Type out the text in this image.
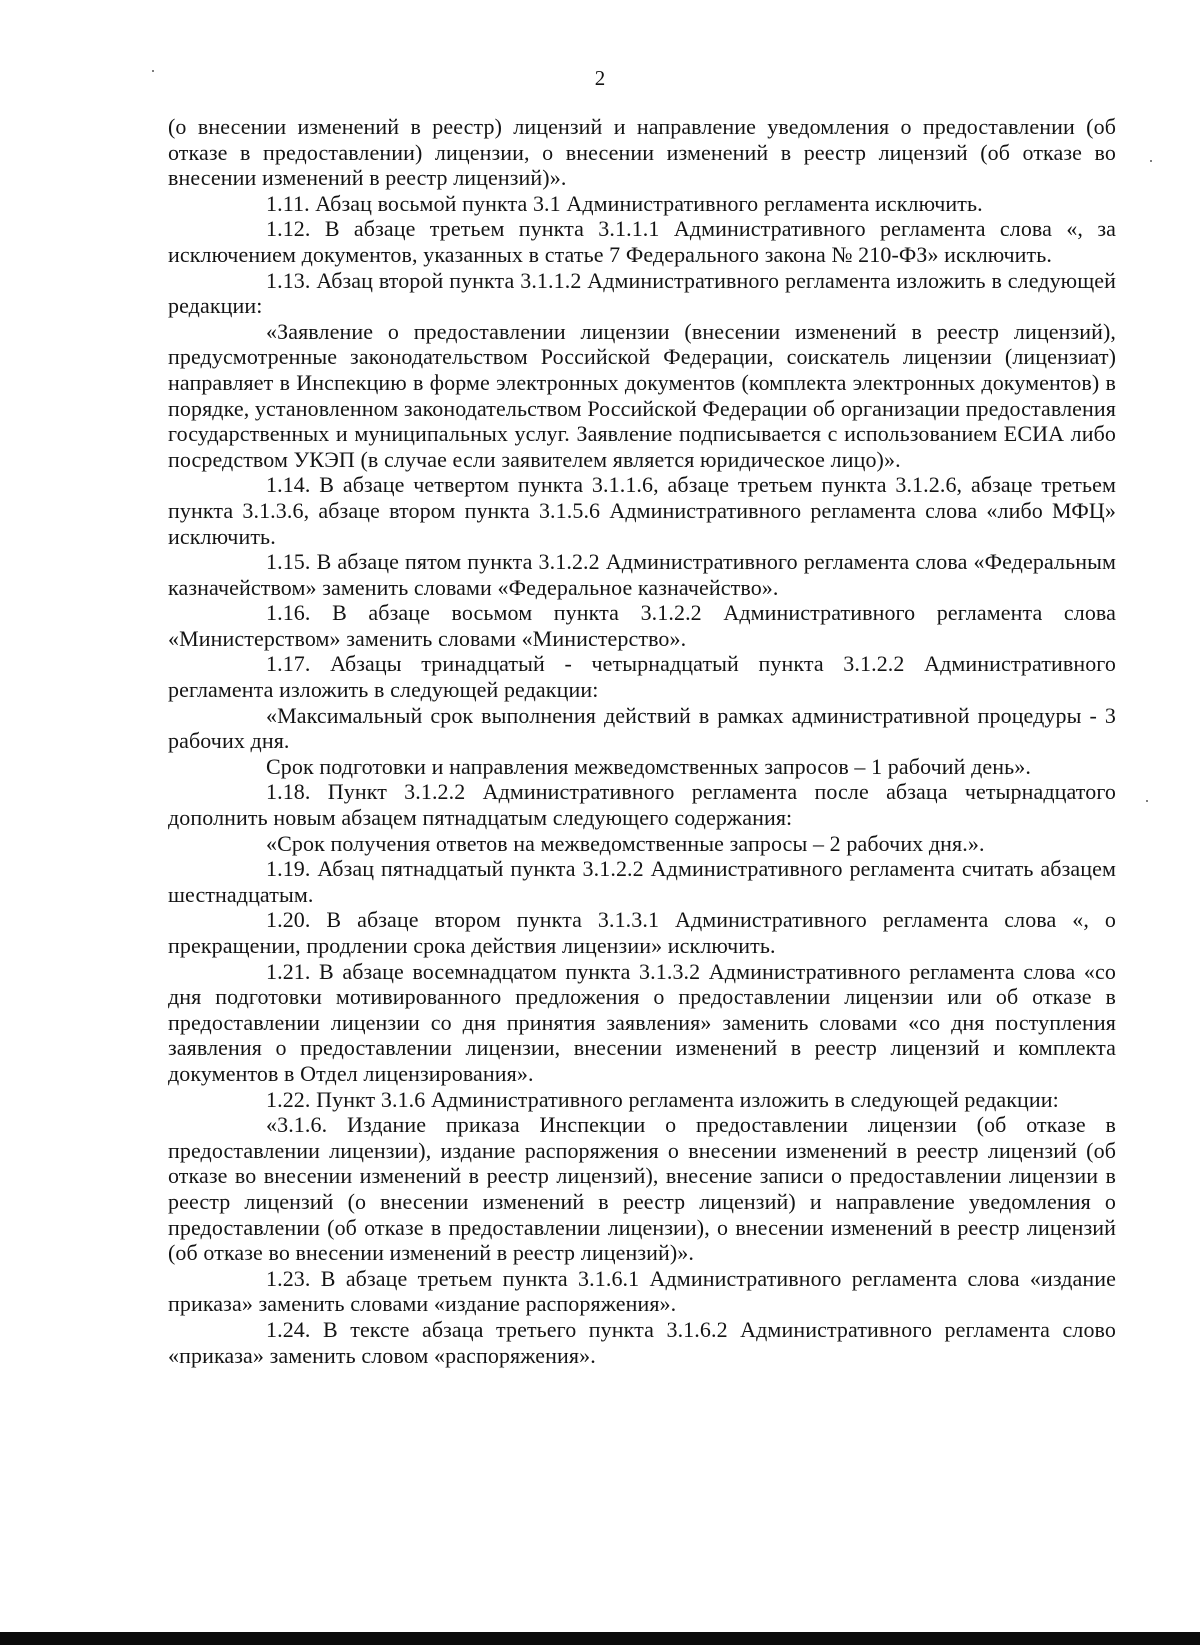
2

(о внесении изменений в реестр) лицензий и направление уведомления о предоставлении (об отказе в предоставлении) лицензии, о внесении изменений в реестр лицензий (об отказе во внесении изменений в реестр лицензий)».

1.11. Абзац восьмой пункта 3.1 Административного регламента исключить.

1.12. В абзаце третьем пункта 3.1.1.1 Административного регламента слова «, за исключением документов, указанных в статье 7 Федерального закона № 210-ФЗ» исключить.

1.13. Абзац второй пункта 3.1.1.2 Административного регламента изложить в следующей редакции:

«Заявление о предоставлении лицензии (внесении изменений в реестр лицензий), предусмотренные законодательством Российской Федерации, соискатель лицензии (лицензиат) направляет в Инспекцию в форме электронных документов (комплекта электронных документов) в порядке, установленном законодательством Российской Федерации об организации предоставления государственных и муниципальных услуг. Заявление подписывается с использованием ЕСИА либо посредством УКЭП (в случае если заявителем является юридическое лицо)».

1.14. В абзаце четвертом пункта 3.1.1.6, абзаце третьем пункта 3.1.2.6, абзаце третьем пункта 3.1.3.6, абзаце втором пункта 3.1.5.6 Административного регламента слова «либо МФЦ» исключить.

1.15. В абзаце пятом пункта 3.1.2.2 Административного регламента слова «Федеральным казначейством» заменить словами «Федеральное казначейство».

1.16. В абзаце восьмом пункта 3.1.2.2 Административного регламента слова «Министерством» заменить словами «Министерство».

1.17. Абзацы тринадцатый - четырнадцатый пункта 3.1.2.2 Административного регламента изложить в следующей редакции:

«Максимальный срок выполнения действий в рамках административной процедуры - 3 рабочих дня.

Срок подготовки и направления межведомственных запросов – 1 рабочий день».

1.18. Пункт 3.1.2.2 Административного регламента после абзаца четырнадцатого дополнить новым абзацем пятнадцатым следующего содержания:

«Срок получения ответов на межведомственные запросы – 2 рабочих дня.».

1.19. Абзац пятнадцатый пункта 3.1.2.2 Административного регламента считать абзацем шестнадцатым.

1.20. В абзаце втором пункта 3.1.3.1 Административного регламента слова «, о прекращении, продлении срока действия лицензии» исключить.

1.21. В абзаце восемнадцатом пункта 3.1.3.2 Административного регламента слова «со дня подготовки мотивированного предложения о предоставлении лицензии или об отказе в предоставлении лицензии со дня принятия заявления» заменить словами «со дня поступления заявления о предоставлении лицензии, внесении изменений в реестр лицензий и комплекта документов в Отдел лицензирования».

1.22. Пункт 3.1.6 Административного регламента изложить в следующей редакции:

«3.1.6. Издание приказа Инспекции о предоставлении лицензии (об отказе в предоставлении лицензии), издание распоряжения о внесении изменений в реестр лицензий (об отказе во внесении изменений в реестр лицензий), внесение записи о предоставлении лицензии в реестр лицензий (о внесении изменений в реестр лицензий) и направление уведомления о предоставлении (об отказе в предоставлении лицензии), о внесении изменений в реестр лицензий (об отказе во внесении изменений в реестр лицензий)».

1.23. В абзаце третьем пункта 3.1.6.1 Административного регламента слова «издание приказа» заменить словами «издание распоряжения».

1.24. В тексте абзаца третьего пункта 3.1.6.2 Административного регламента слово «приказа» заменить словом «распоряжения».
